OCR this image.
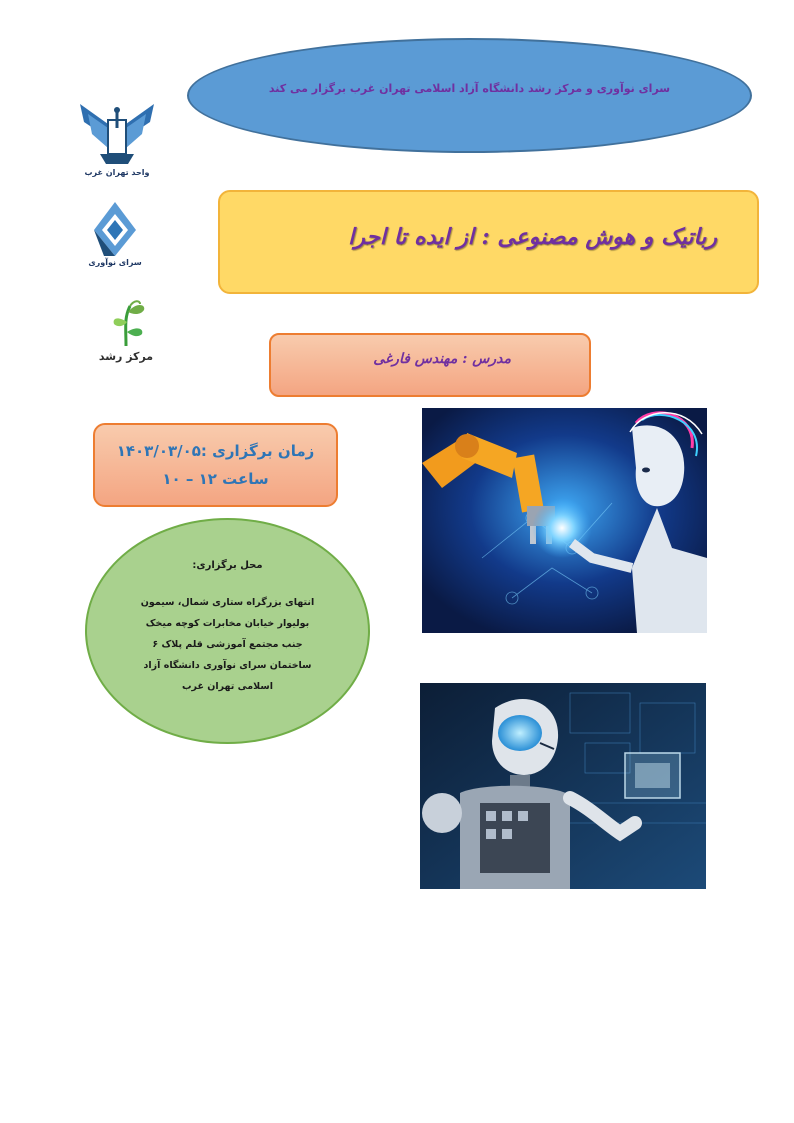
سرای نوآوری و مرکز رشد دانشگاه آزاد اسلامی تهران غرب برگزار می کند
واحد تهران غرب
سرای نوآوری
مرکز رشد
رباتیک و هوش مصنوعی : از ایده تا اجرا
مدرس : مهندس فارغی
زمان برگزاری :۱۴۰۳/۰۳/۰۵
ساعت ۱۲ – ۱۰
محل برگزاری:
انتهای بزرگراه ستاری شمال، سیمون
بولیوار خیابان مخابرات کوچه میخک
جنب مجتمع آموزشی قلم پلاک ۶
ساختمان سرای نوآوری دانشگاه آزاد
اسلامی تهران غرب
